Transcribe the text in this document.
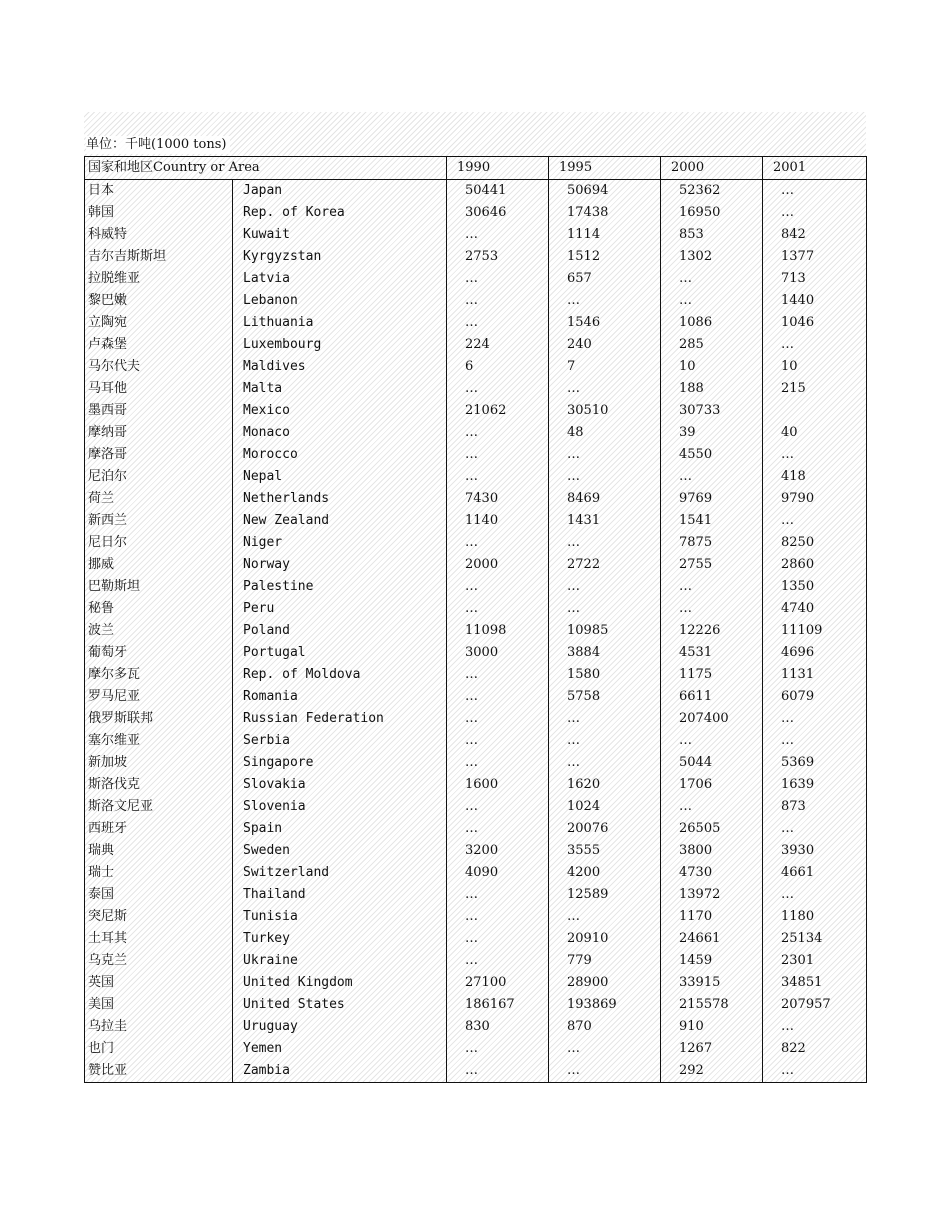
单位：千吨(1000 tons)
国家和地区Country or Area		1990	1995	2000	2001
日本	Japan	50441	50694	52362	…
韩国	Rep. of Korea	30646	17438	16950	…
科威特	Kuwait	…	1114	853	842
吉尔吉斯斯坦	Kyrgyzstan	2753	1512	1302	1377
拉脱维亚	Latvia	…	657	…	713
黎巴嫩	Lebanon	…	…	…	1440
立陶宛	Lithuania	…	1546	1086	1046
卢森堡	Luxembourg	224	240	285	…
马尔代夫	Maldives	6	7	10	10
马耳他	Malta	…	…	188	215
墨西哥	Mexico	21062	30510	30733	
摩纳哥	Monaco	…	48	39	40
摩洛哥	Morocco	…	…	4550	…
尼泊尔	Nepal	…	…	…	418
荷兰	Netherlands	7430	8469	9769	9790
新西兰	New Zealand	1140	1431	1541	…
尼日尔	Niger	…	…	7875	8250
挪威	Norway	2000	2722	2755	2860
巴勒斯坦	Palestine	…	…	…	1350
秘鲁	Peru	…	…	…	4740
波兰	Poland	11098	10985	12226	11109
葡萄牙	Portugal	3000	3884	4531	4696
摩尔多瓦	Rep. of Moldova	…	1580	1175	1131
罗马尼亚	Romania	…	5758	6611	6079
俄罗斯联邦	Russian Federation	…	…	207400	…
塞尔维亚	Serbia	…	…	…	…
新加坡	Singapore	…	…	5044	5369
斯洛伐克	Slovakia	1600	1620	1706	1639
斯洛文尼亚	Slovenia	…	1024	…	873
西班牙	Spain	…	20076	26505	…
瑞典	Sweden	3200	3555	3800	3930
瑞士	Switzerland	4090	4200	4730	4661
泰国	Thailand	…	12589	13972	…
突尼斯	Tunisia	…	…	1170	1180
土耳其	Turkey	…	20910	24661	25134
乌克兰	Ukraine	…	779	1459	2301
英国	United Kingdom	27100	28900	33915	34851
美国	United States	186167	193869	215578	207957
乌拉圭	Uruguay	830	870	910	…
也门	Yemen	…	…	1267	822
赞比亚	Zambia	…	…	292	…
